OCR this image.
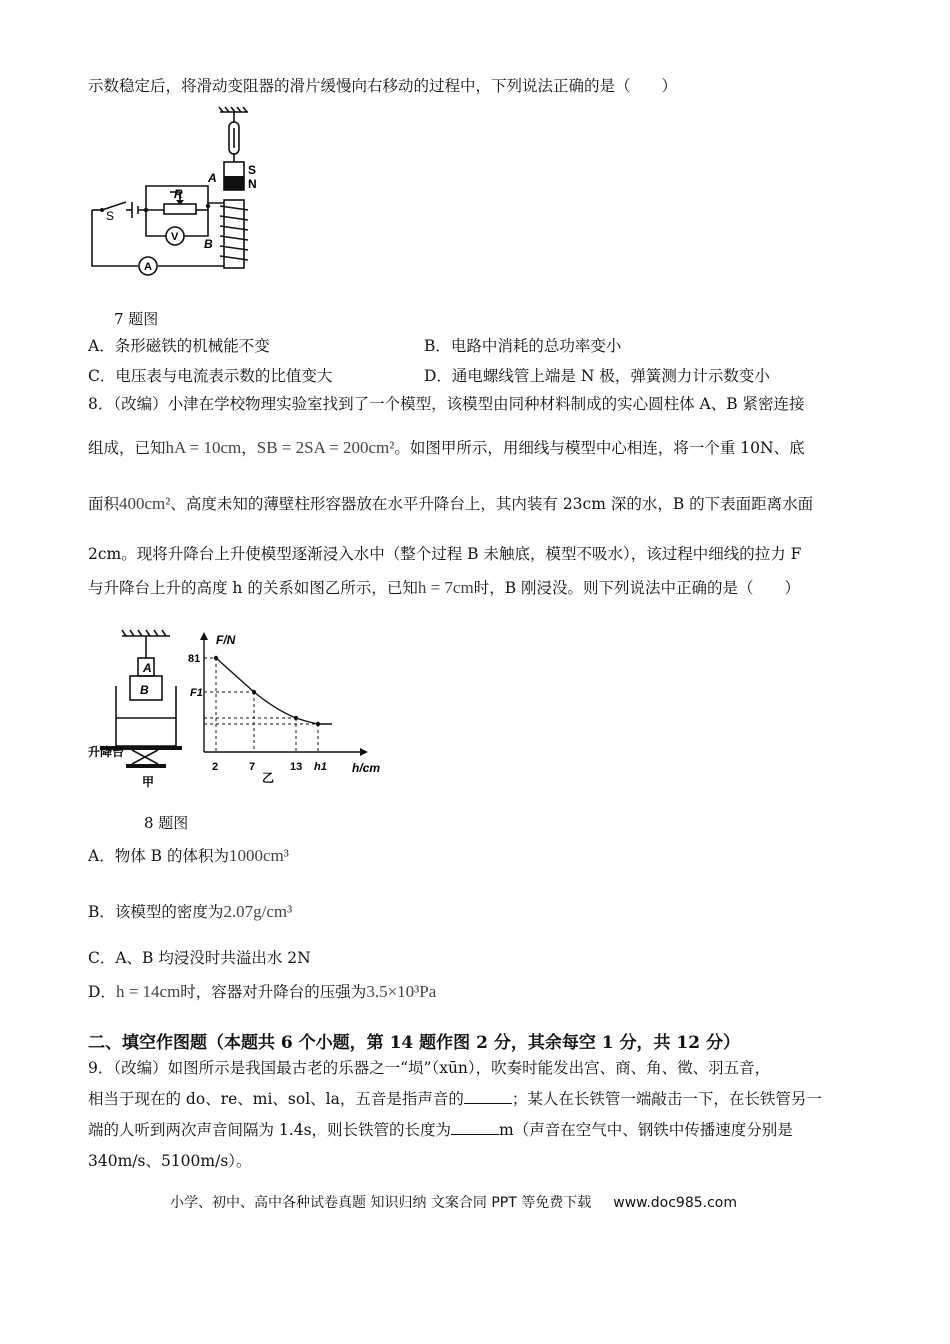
示数稳定后，将滑动变阻器的滑片缓慢向右移动的过程中，下列说法正确的是（　　）
S
N
A
R
S
V B
A
7 题图
A．条形磁铁的机械能不变	B．电路中消耗的总功率变小
C．电压表与电流表示数的比值变大	D．通电螺线管上端是 N 极，弹簧测力计示数变小
8．（改编）小津在学校物理实验室找到了一个模型，该模型由同种材料制成的实心圆柱体 A、B 紧密连接
组成，已知hA = 10cm，SB = 2SA = 200cm²。如图甲所示，用细线与模型中心相连，将一个重 10N、底
面积400cm²、高度未知的薄壁柱形容器放在水平升降台上，其内装有 23cm 深的水，B 的下表面距离水面
2cm。现将升降台上升使模型逐渐浸入水中（整个过程 B 未触底，模型不吸水），该过程中细线的拉力 F
与升降台上升的高度 h 的关系如图乙所示，已知h = 7cm时，B 刚浸没。则下列说法中正确的是（　　）
A
B
升降台
甲
F/N
81
F1
2	7	13 h1 h/cm
乙
8 题图
A．物体 B 的体积为1000cm³
B．该模型的密度为2.07g/cm³
C．A、B 均浸没时共溢出水 2N
D．h = 14cm时，容器对升降台的压强为3.5×10³Pa
二、填空作图题（本题共 6 个小题，第 14 题作图 2 分，其余每空 1 分，共 12 分）
9．（改编）如图所示是我国最古老的乐器之一“埙”（xūn），吹奏时能发出宫、商、角、徵、羽五音，
相当于现在的 do、re、mi、sol、la，五音是指声音的	；某人在长铁管一端敲击一下，在长铁管另一
端的人听到两次声音间隔为 1.4s，则长铁管的长度为	m（声音在空气中、钢铁中传播速度分别是
340m/s、5100m/s）。
小学、初中、高中各种试卷真题 知识归纳 文案合同 PPT 等免费下载 www.doc985.com
